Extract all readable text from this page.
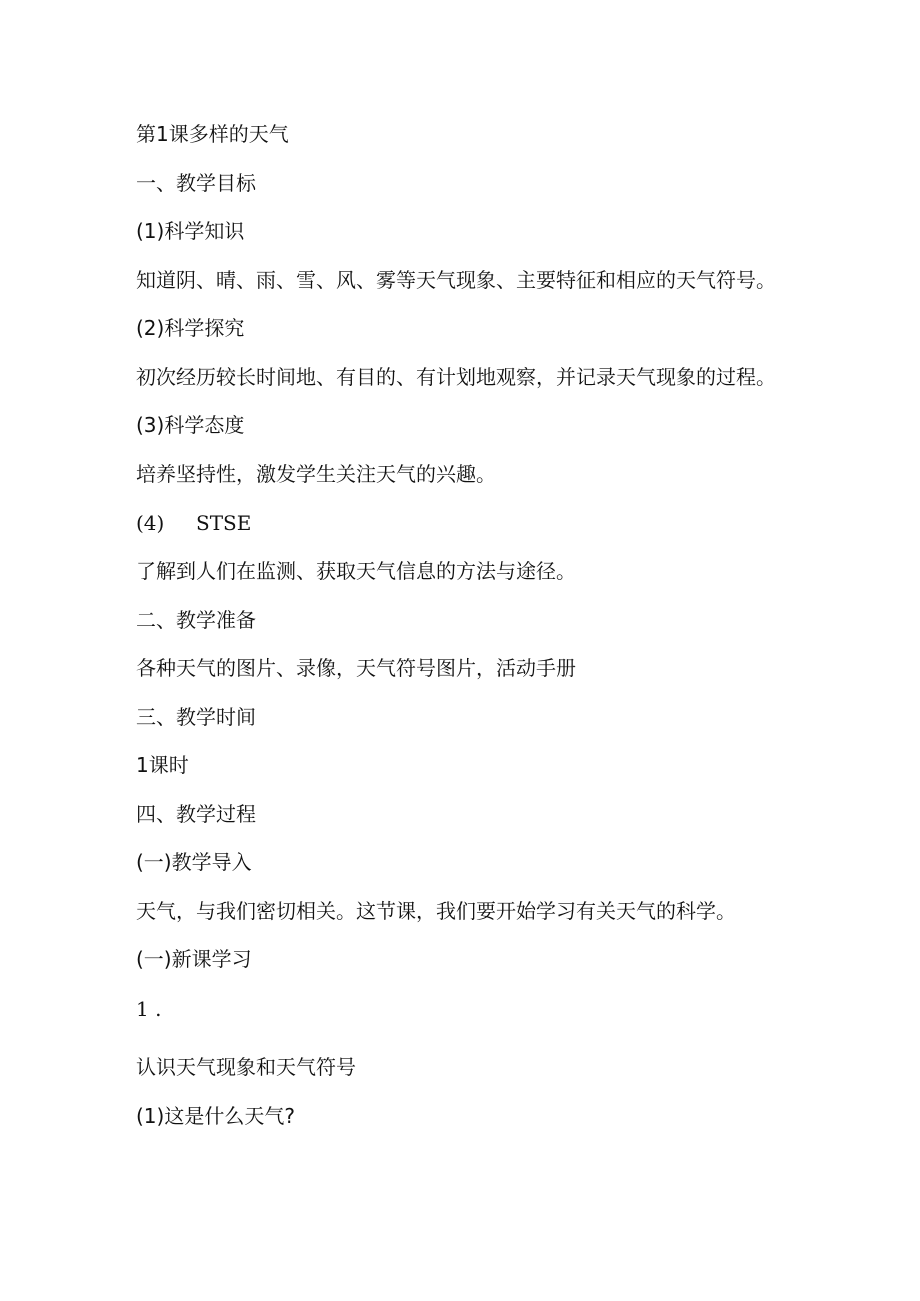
第1课多样的天气
一、教学目标
(1)科学知识
知道阴、晴、雨、雪、风、雾等天气现象、主要特征和相应的天气符号。
(2)科学探究
初次经历较长时间地、有目的、有计划地观察，并记录天气现象的过程。
(3)科学态度
培养坚持性，激发学生关注天气的兴趣。
(4) STSE
了解到人们在监测、获取天气信息的方法与途径。
二、教学准备
各种天气的图片、录像，天气符号图片，活动手册
三、教学时间
1课时
四、教学过程
(一)教学导入
天气，与我们密切相关。这节课，我们要开始学习有关天气的科学。
(一)新课学习
1 .
认识天气现象和天气符号
(1)这是什么天气?
